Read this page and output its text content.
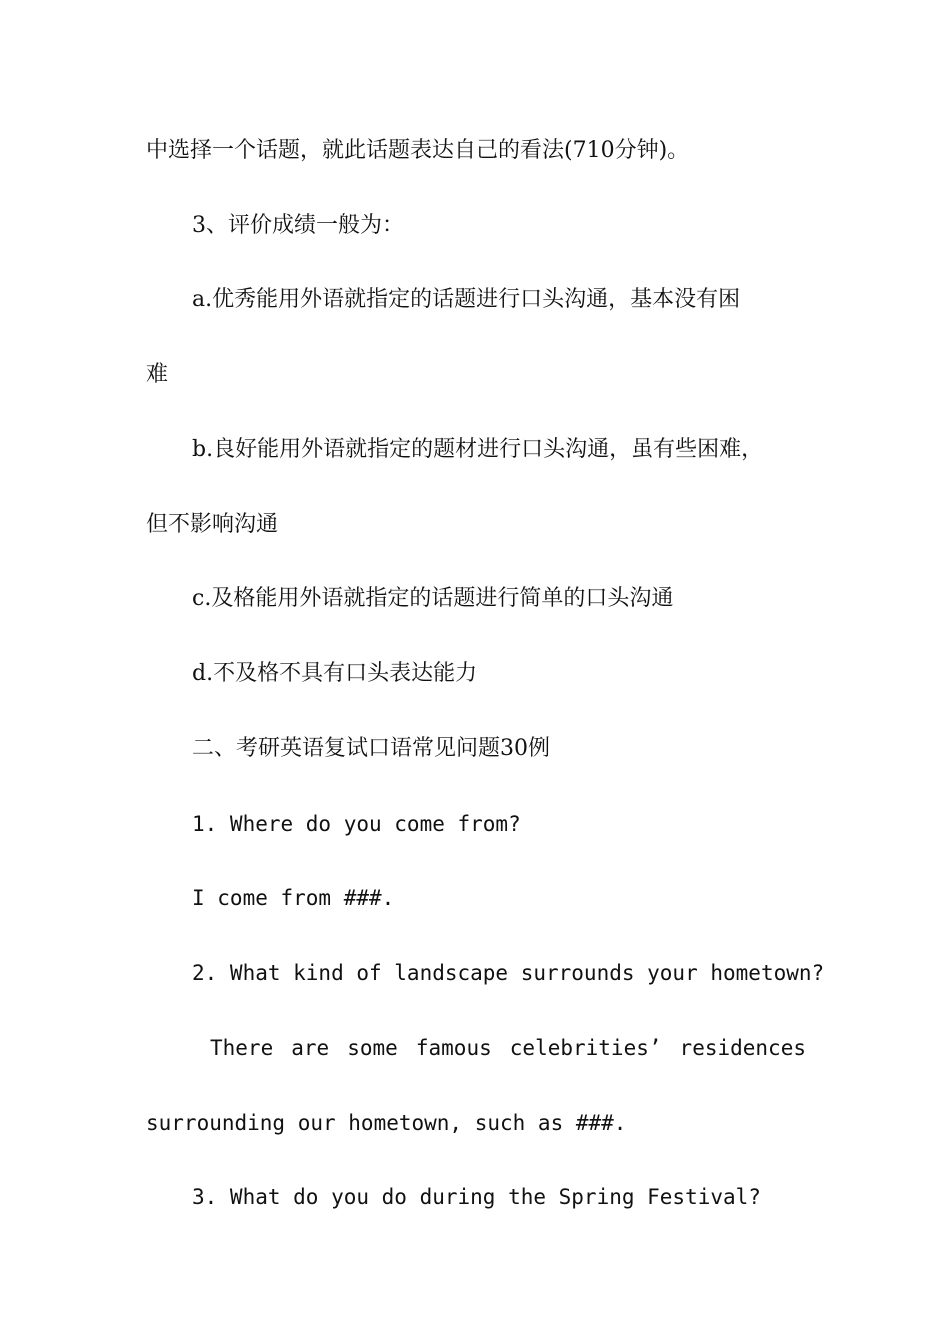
中选择一个话题，就此话题表达自己的看法(710分钟)。
3、评价成绩一般为：
a.优秀能用外语就指定的话题进行口头沟通，基本没有困
难
b.良好能用外语就指定的题材进行口头沟通，虽有些困难，
但不影响沟通
c.及格能用外语就指定的话题进行简单的口头沟通
d.不及格不具有口头表达能力
二、考研英语复试口语常见问题30例
1. Where do you come from?
I come from ###.
2. What kind of landscape surrounds your hometown?
There are some famous celebrities’ residences
surrounding our hometown, such as ###.
3. What do you do during the Spring Festival?
